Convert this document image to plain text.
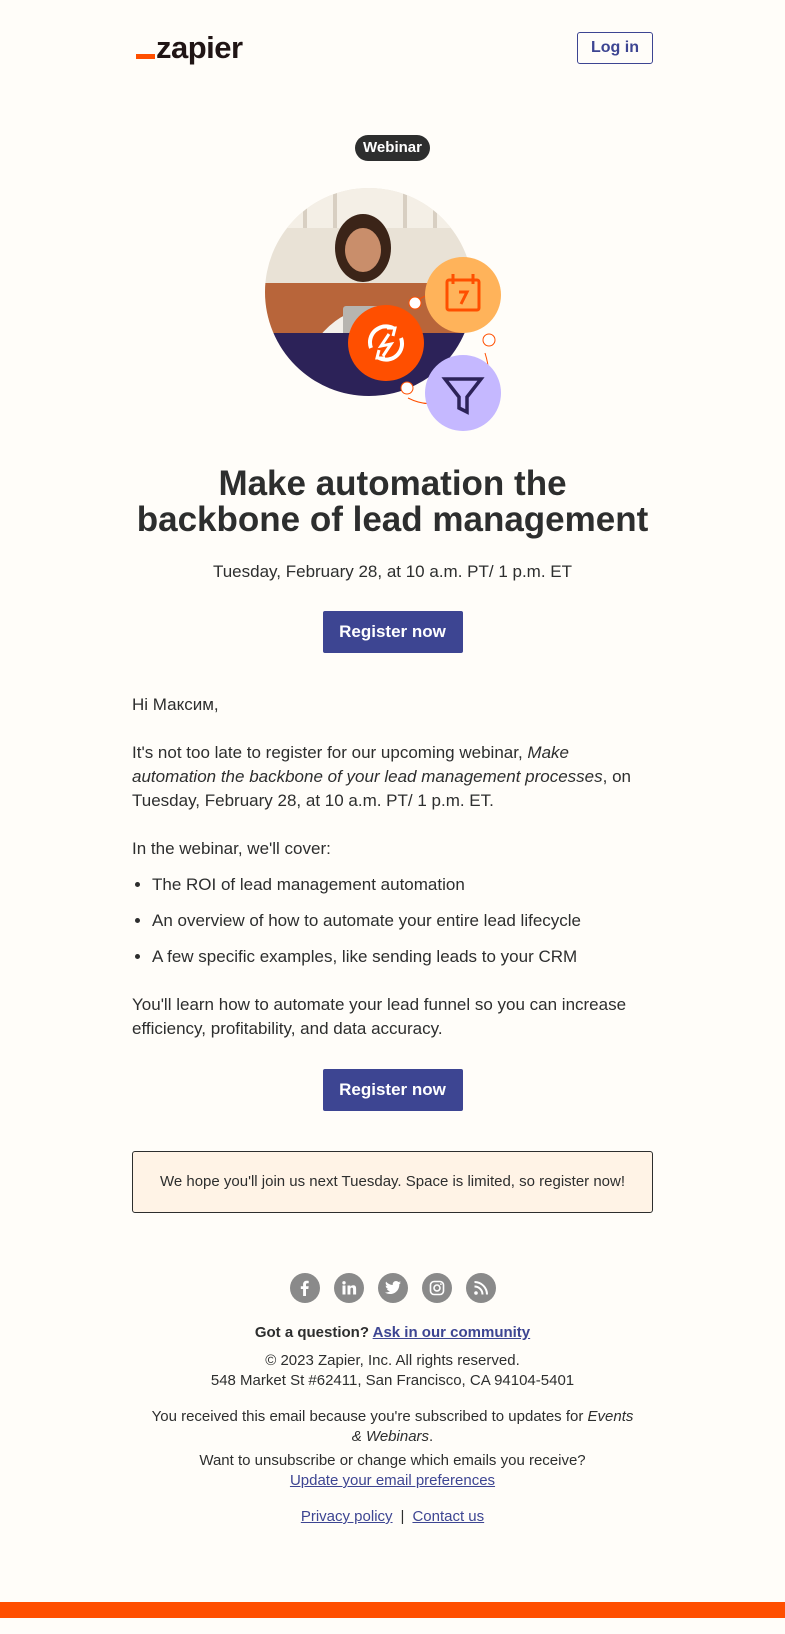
zapier	Log in
Webinar
Make automation the
backbone of lead management
Tuesday, February 28, at 10 a.m. PT/ 1 p.m. ET
Register now

Hi Максим,

It's not too late to register for our upcoming webinar, Make automation the backbone of your lead management processes, on Tuesday, February 28, at 10 a.m. PT/ 1 p.m. ET.

In the webinar, we'll cover:

• The ROI of lead management automation
• An overview of how to automate your entire lead lifecycle
• A few specific examples, like sending leads to your CRM

You'll learn how to automate your lead funnel so you can increase efficiency, profitability, and data accuracy.

Register now
We hope you'll join us next Tuesday. Space is limited, so register now!
Got a question? Ask in our community
© 2023 Zapier, Inc. All rights reserved.
548 Market St #62411, San Francisco, CA 94104-5401
You received this email because you're subscribed to updates for Events & Webinars.
Want to unsubscribe or change which emails you receive?
Update your email preferences
Privacy policy | Contact us
